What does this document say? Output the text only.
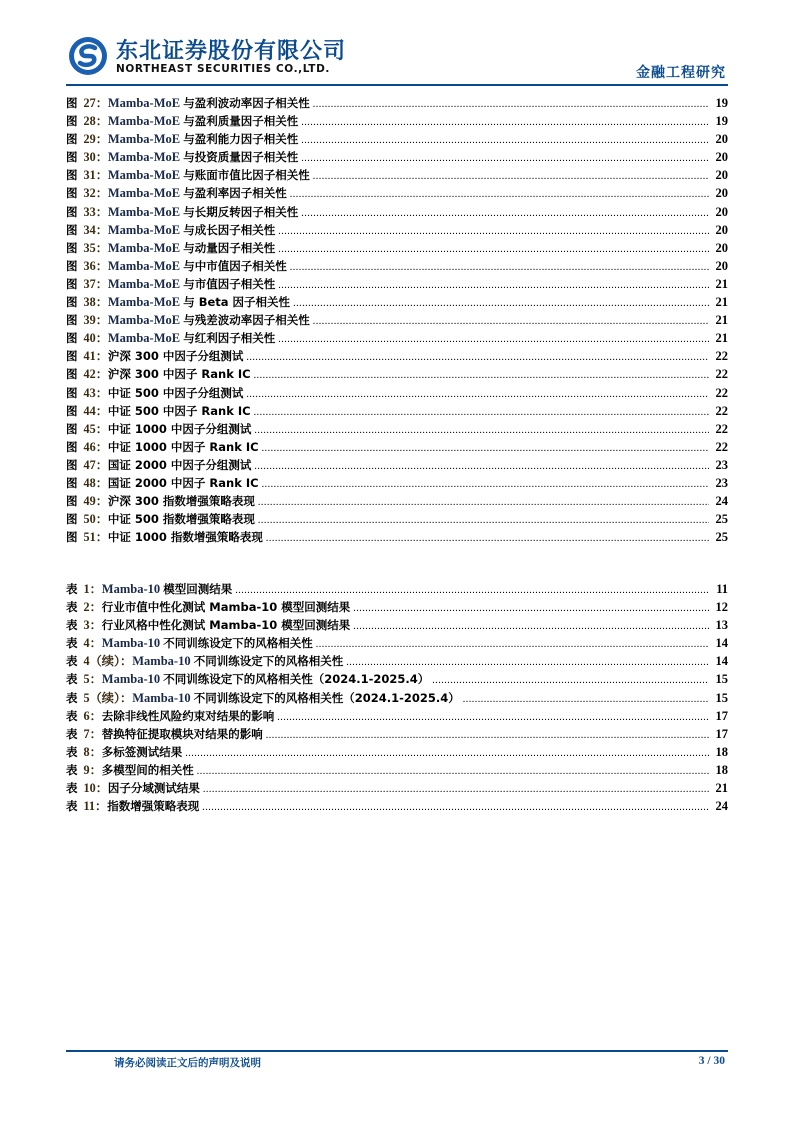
东北证券股份有限公司
NORTHEAST SECURITIES CO.,LTD.	金融工程研究
图 27： Mamba-MoE 与盈利波动率因子相关性 .....	19
图 28： Mamba-MoE 与盈利质量因子相关性 .....	19
图 29： Mamba-MoE 与盈利能力因子相关性 .....	20
图 30： Mamba-MoE 与投资质量因子相关性 .....	20
图 31： Mamba-MoE 与账面市值比因子相关性 .....	20
图 32： Mamba-MoE 与盈利率因子相关性 .....	20
图 33： Mamba-MoE 与长期反转因子相关性 .....	20
图 34： Mamba-MoE 与成长因子相关性 .....	20
图 35： Mamba-MoE 与动量因子相关性 .....	20
图 36： Mamba-MoE 与中市值因子相关性 .....	20
图 37： Mamba-MoE 与市值因子相关性 .....	21
图 38： Mamba-MoE 与 Beta 因子相关性 .....	21
图 39： Mamba-MoE 与残差波动率因子相关性 .....	21
图 40： Mamba-MoE 与红利因子相关性 .....	21
图 41： 沪深 300 中因子分组测试 .....	22
图 42： 沪深 300 中因子 Rank IC .....	22
图 43： 中证 500 中因子分组测试 .....	22
图 44： 中证 500 中因子 Rank IC .....	22
图 45： 中证 1000 中因子分组测试 .....	22
图 46： 中证 1000 中因子 Rank IC .....	22
图 47： 国证 2000 中因子分组测试 .....	23
图 48： 国证 2000 中因子 Rank IC .....	23
图 49： 沪深 300 指数增强策略表现 .....	24
图 50： 中证 500 指数增强策略表现 .....	25
图 51： 中证 1000 指数增强策略表现 .....	25
表 1： Mamba-10 模型回测结果 .....	11
表 2： 行业市值中性化测试 Mamba-10 模型回测结果 .....	12
表 3： 行业风格中性化测试 Mamba-10 模型回测结果 .....	13
表 4： Mamba-10 不同训练设定下的风格相关性 .....	14
表 4（续）： Mamba-10 不同训练设定下的风格相关性 .....	14
表 5： Mamba-10 不同训练设定下的风格相关性（2024.1-2025.4） .....	15
表 5（续）： Mamba-10 不同训练设定下的风格相关性（2024.1-2025.4） .....	15
表 6： 去除非线性风险约束对结果的影响 .....	17
表 7： 替换特征提取模块对结果的影响 .....	17
表 8： 多标签测试结果 .....	18
表 9： 多模型间的相关性 .....	18
表 10： 因子分域测试结果 .....	21
表 11： 指数增强策略表现 .....	24
请务必阅读正文后的声明及说明	3 / 30
